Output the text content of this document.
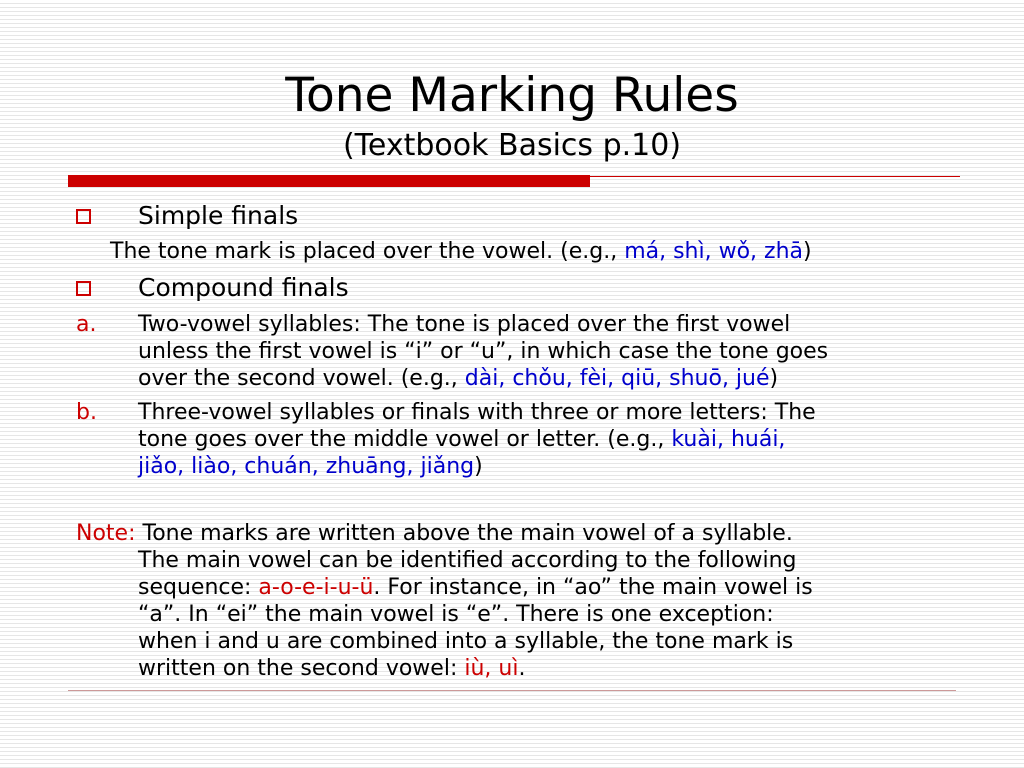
Tone Marking Rules
(Textbook Basics p.10)
Simple finals
The tone mark is placed over the vowel. (e.g., má, shì, wǒ, zhā)
Compound finals
a. Two-vowel syllables: The tone is placed over the first vowel
unless the first vowel is “i” or “u”, in which case the tone goes
over the second vowel. (e.g., dài, chǒu, fèi, qiū, shuō, jué)
b. Three-vowel syllables or finals with three or more letters: The
tone goes over the middle vowel or letter. (e.g., kuài, huái,
jiǎo, liào, chuán, zhuāng, jiǎng)
Note: Tone marks are written above the main vowel of a syllable.
The main vowel can be identified according to the following
sequence: a-o-e-i-u-ü. For instance, in “ao” the main vowel is
“a”. In “ei” the main vowel is “e”. There is one exception:
when i and u are combined into a syllable, the tone mark is
written on the second vowel: iù, uì.
